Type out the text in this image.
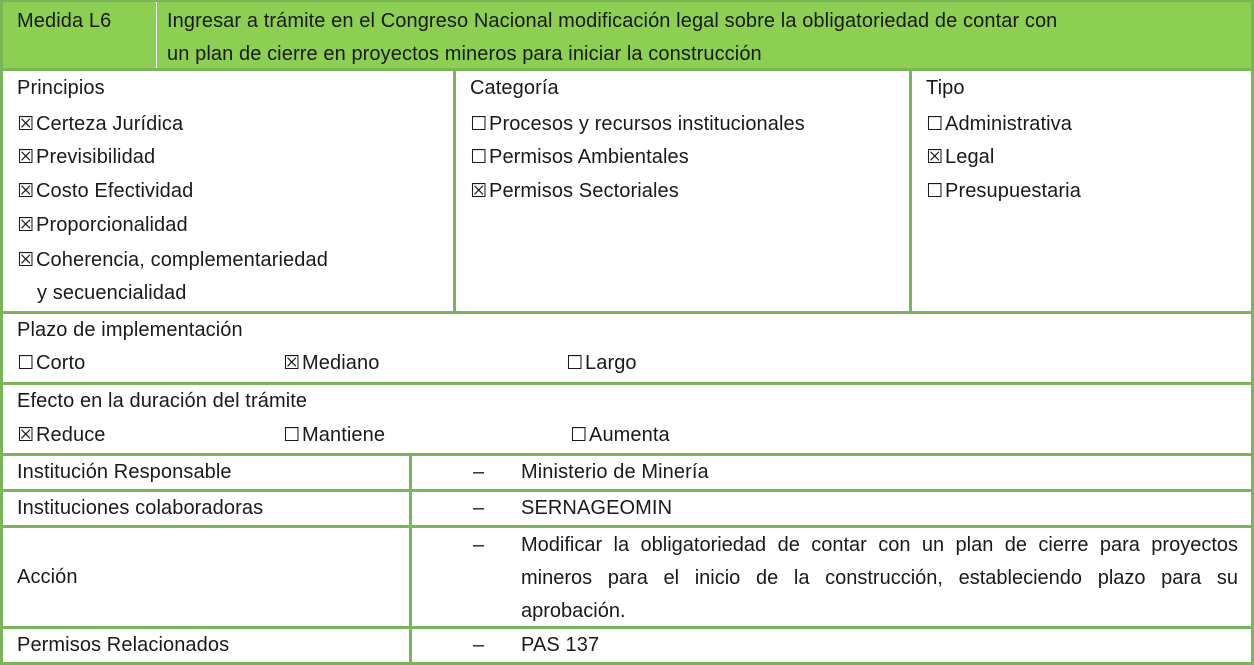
Medida L6	Ingresar a trámite en el Congreso Nacional modificación legal sobre la obligatoriedad de contar con
un plan de cierre en proyectos mineros para iniciar la construcción
Principios
☒Certeza Jurídica
☒Previsibilidad
☒Costo Efectividad
☒Proporcionalidad
☒Coherencia, complementariedad
y secuencialidad
Categoría
☐Procesos y recursos institucionales
☐Permisos Ambientales
☒Permisos Sectoriales
Tipo
☐Administrativa
☒Legal
☐Presupuestaria
Plazo de implementación
☐Corto	☒Mediano	☐Largo
Efecto en la duración del trámite
☒Reduce	☐Mantiene	☐Aumenta
Institución Responsable	– Ministerio de Minería
Instituciones colaboradoras	– SERNAGEOMIN
Acción
– Modificar la obligatoriedad de contar con un plan de cierre para proyectos mineros para el inicio de la construcción, estableciendo plazo para su aprobación.
Permisos Relacionados	– PAS 137
